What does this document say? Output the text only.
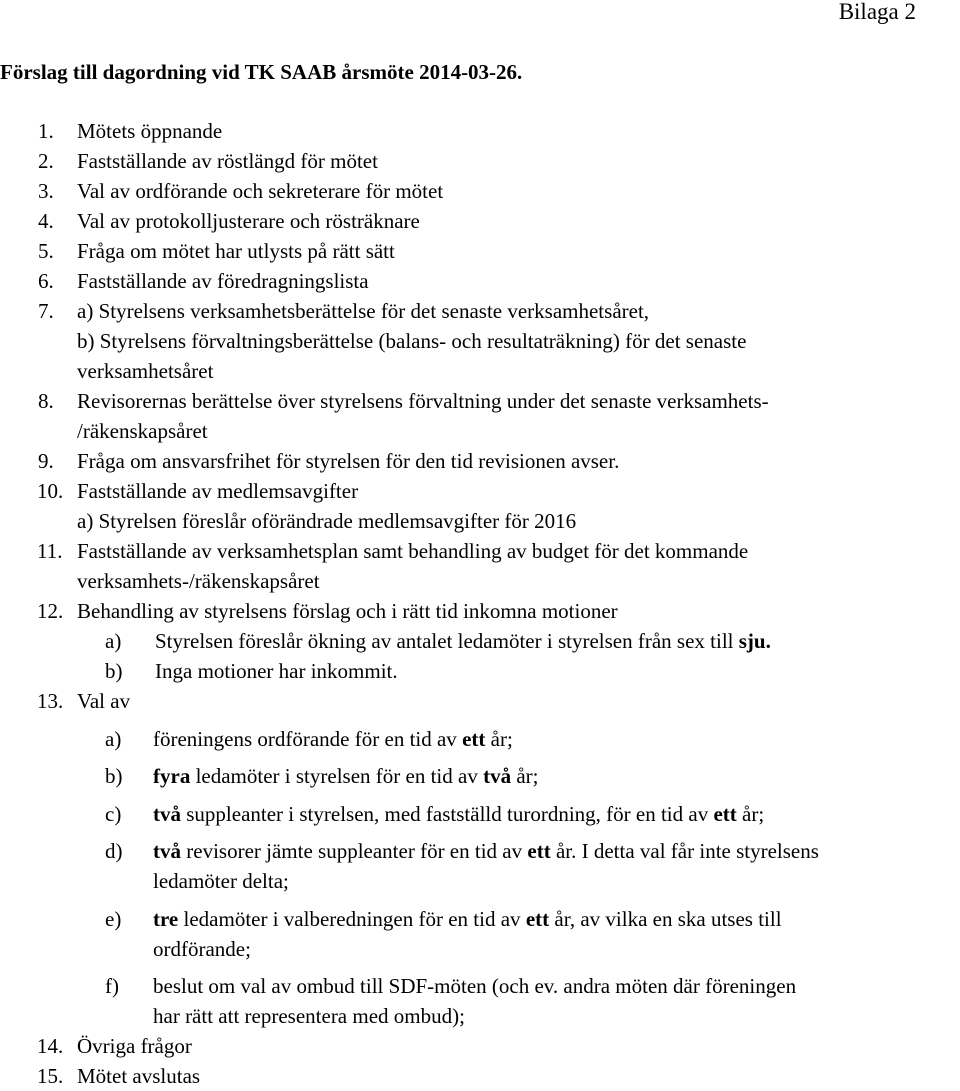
Bilaga 2
Förslag till dagordning vid TK SAAB årsmöte 2014-03-26.
1. Mötets öppnande
2. Fastställande av röstlängd för mötet
3. Val av ordförande och sekreterare för mötet
4. Val av protokolljusterare och rösträknare
5. Fråga om mötet har utlysts på rätt sätt
6. Fastställande av föredragningslista
7. a) Styrelsens verksamhetsberättelse för det senaste verksamhetsåret,
b) Styrelsens förvaltningsberättelse (balans- och resultaträkning) för det senaste
verksamhetsåret
8. Revisorernas berättelse över styrelsens förvaltning under det senaste verksamhets-
/räkenskapsåret
9. Fråga om ansvarsfrihet för styrelsen för den tid revisionen avser.
10. Fastställande av medlemsavgifter
a) Styrelsen föreslår oförändrade medlemsavgifter för 2016
11. Fastställande av verksamhetsplan samt behandling av budget för det kommande
verksamhets-/räkenskapsåret
12. Behandling av styrelsens förslag och i rätt tid inkomna motioner
a) Styrelsen föreslår ökning av antalet ledamöter i styrelsen från sex till sju.
b) Inga motioner har inkommit.
13. Val av
a) föreningens ordförande för en tid av ett år;
b) fyra ledamöter i styrelsen för en tid av två år;
c) två suppleanter i styrelsen, med fastställd turordning, för en tid av ett år;
d) två revisorer jämte suppleanter för en tid av ett år. I detta val får inte styrelsens
ledamöter delta;
e) tre ledamöter i valberedningen för en tid av ett år, av vilka en ska utses till
ordförande;
f) beslut om val av ombud till SDF-möten (och ev. andra möten där föreningen
har rätt att representera med ombud);
14. Övriga frågor
15. Mötet avslutas
